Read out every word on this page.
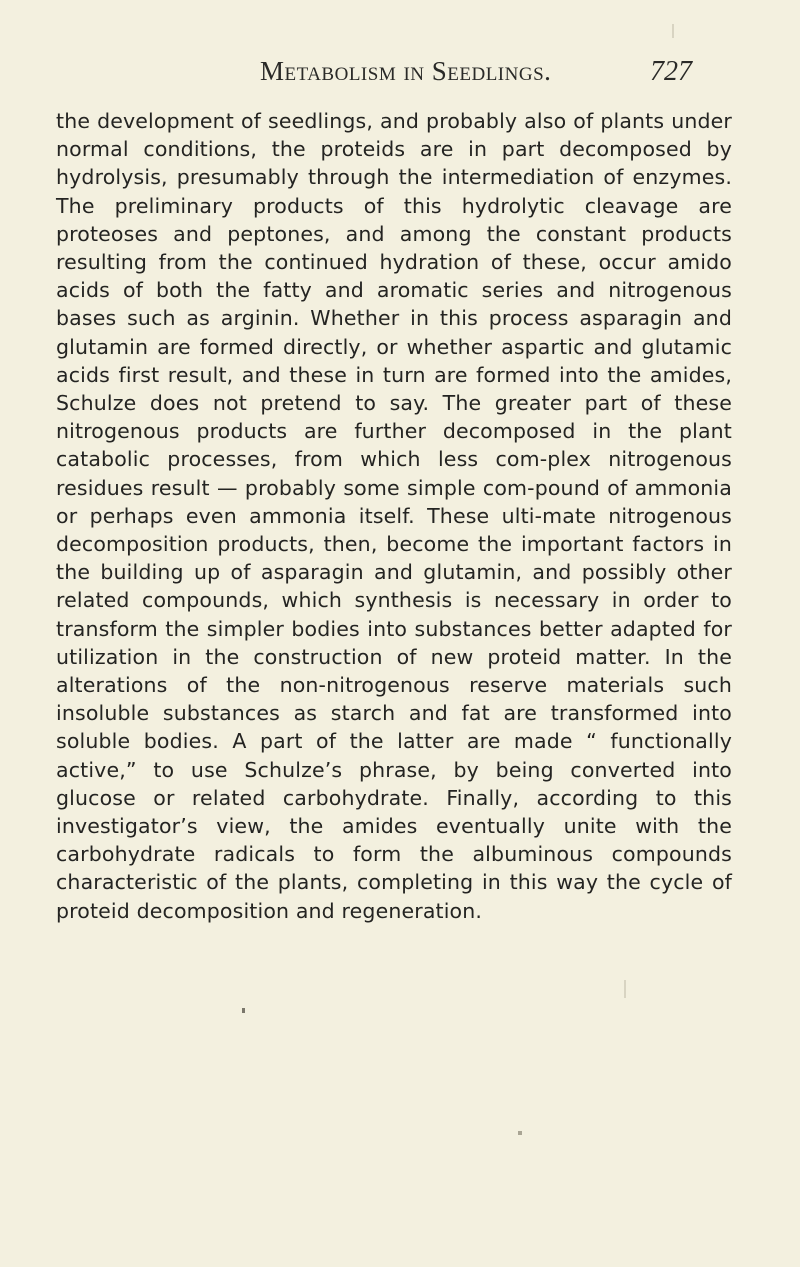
Metabolism in Seedlings.	727

the development of seedlings, and probably also of plants under normal conditions, the proteids are in part decomposed by hydrolysis, presumably through the intermediation of enzymes. The preliminary products of this hydrolytic cleavage are proteoses and peptones, and among the constant products resulting from the continued hydration of these, occur amido acids of both the fatty and aromatic series and nitrogenous bases such as arginin. Whether in this process asparagin and glutamin are formed directly, or whether aspartic and glutamic acids first result, and these in turn are formed into the amides, Schulze does not pretend to say. The greater part of these nitrogenous products are further decomposed in the plant catabolic processes, from which less com-plex nitrogenous residues result — probably some simple com-pound of ammonia or perhaps even ammonia itself. These ulti-mate nitrogenous decomposition products, then, become the important factors in the building up of asparagin and glutamin, and possibly other related compounds, which synthesis is necessary in order to transform the simpler bodies into substances better adapted for utilization in the construction of new proteid matter. In the alterations of the non-nitrogenous reserve materials such insoluble substances as starch and fat are transformed into soluble bodies. A part of the latter are made “ functionally active,” to use Schulze’s phrase, by being converted into glucose or related carbohydrate. Finally, according to this investigator’s view, the amides eventually unite with the carbohydrate radicals to form the albuminous compounds characteristic of the plants, completing in this way the cycle of proteid decomposition and regeneration.
